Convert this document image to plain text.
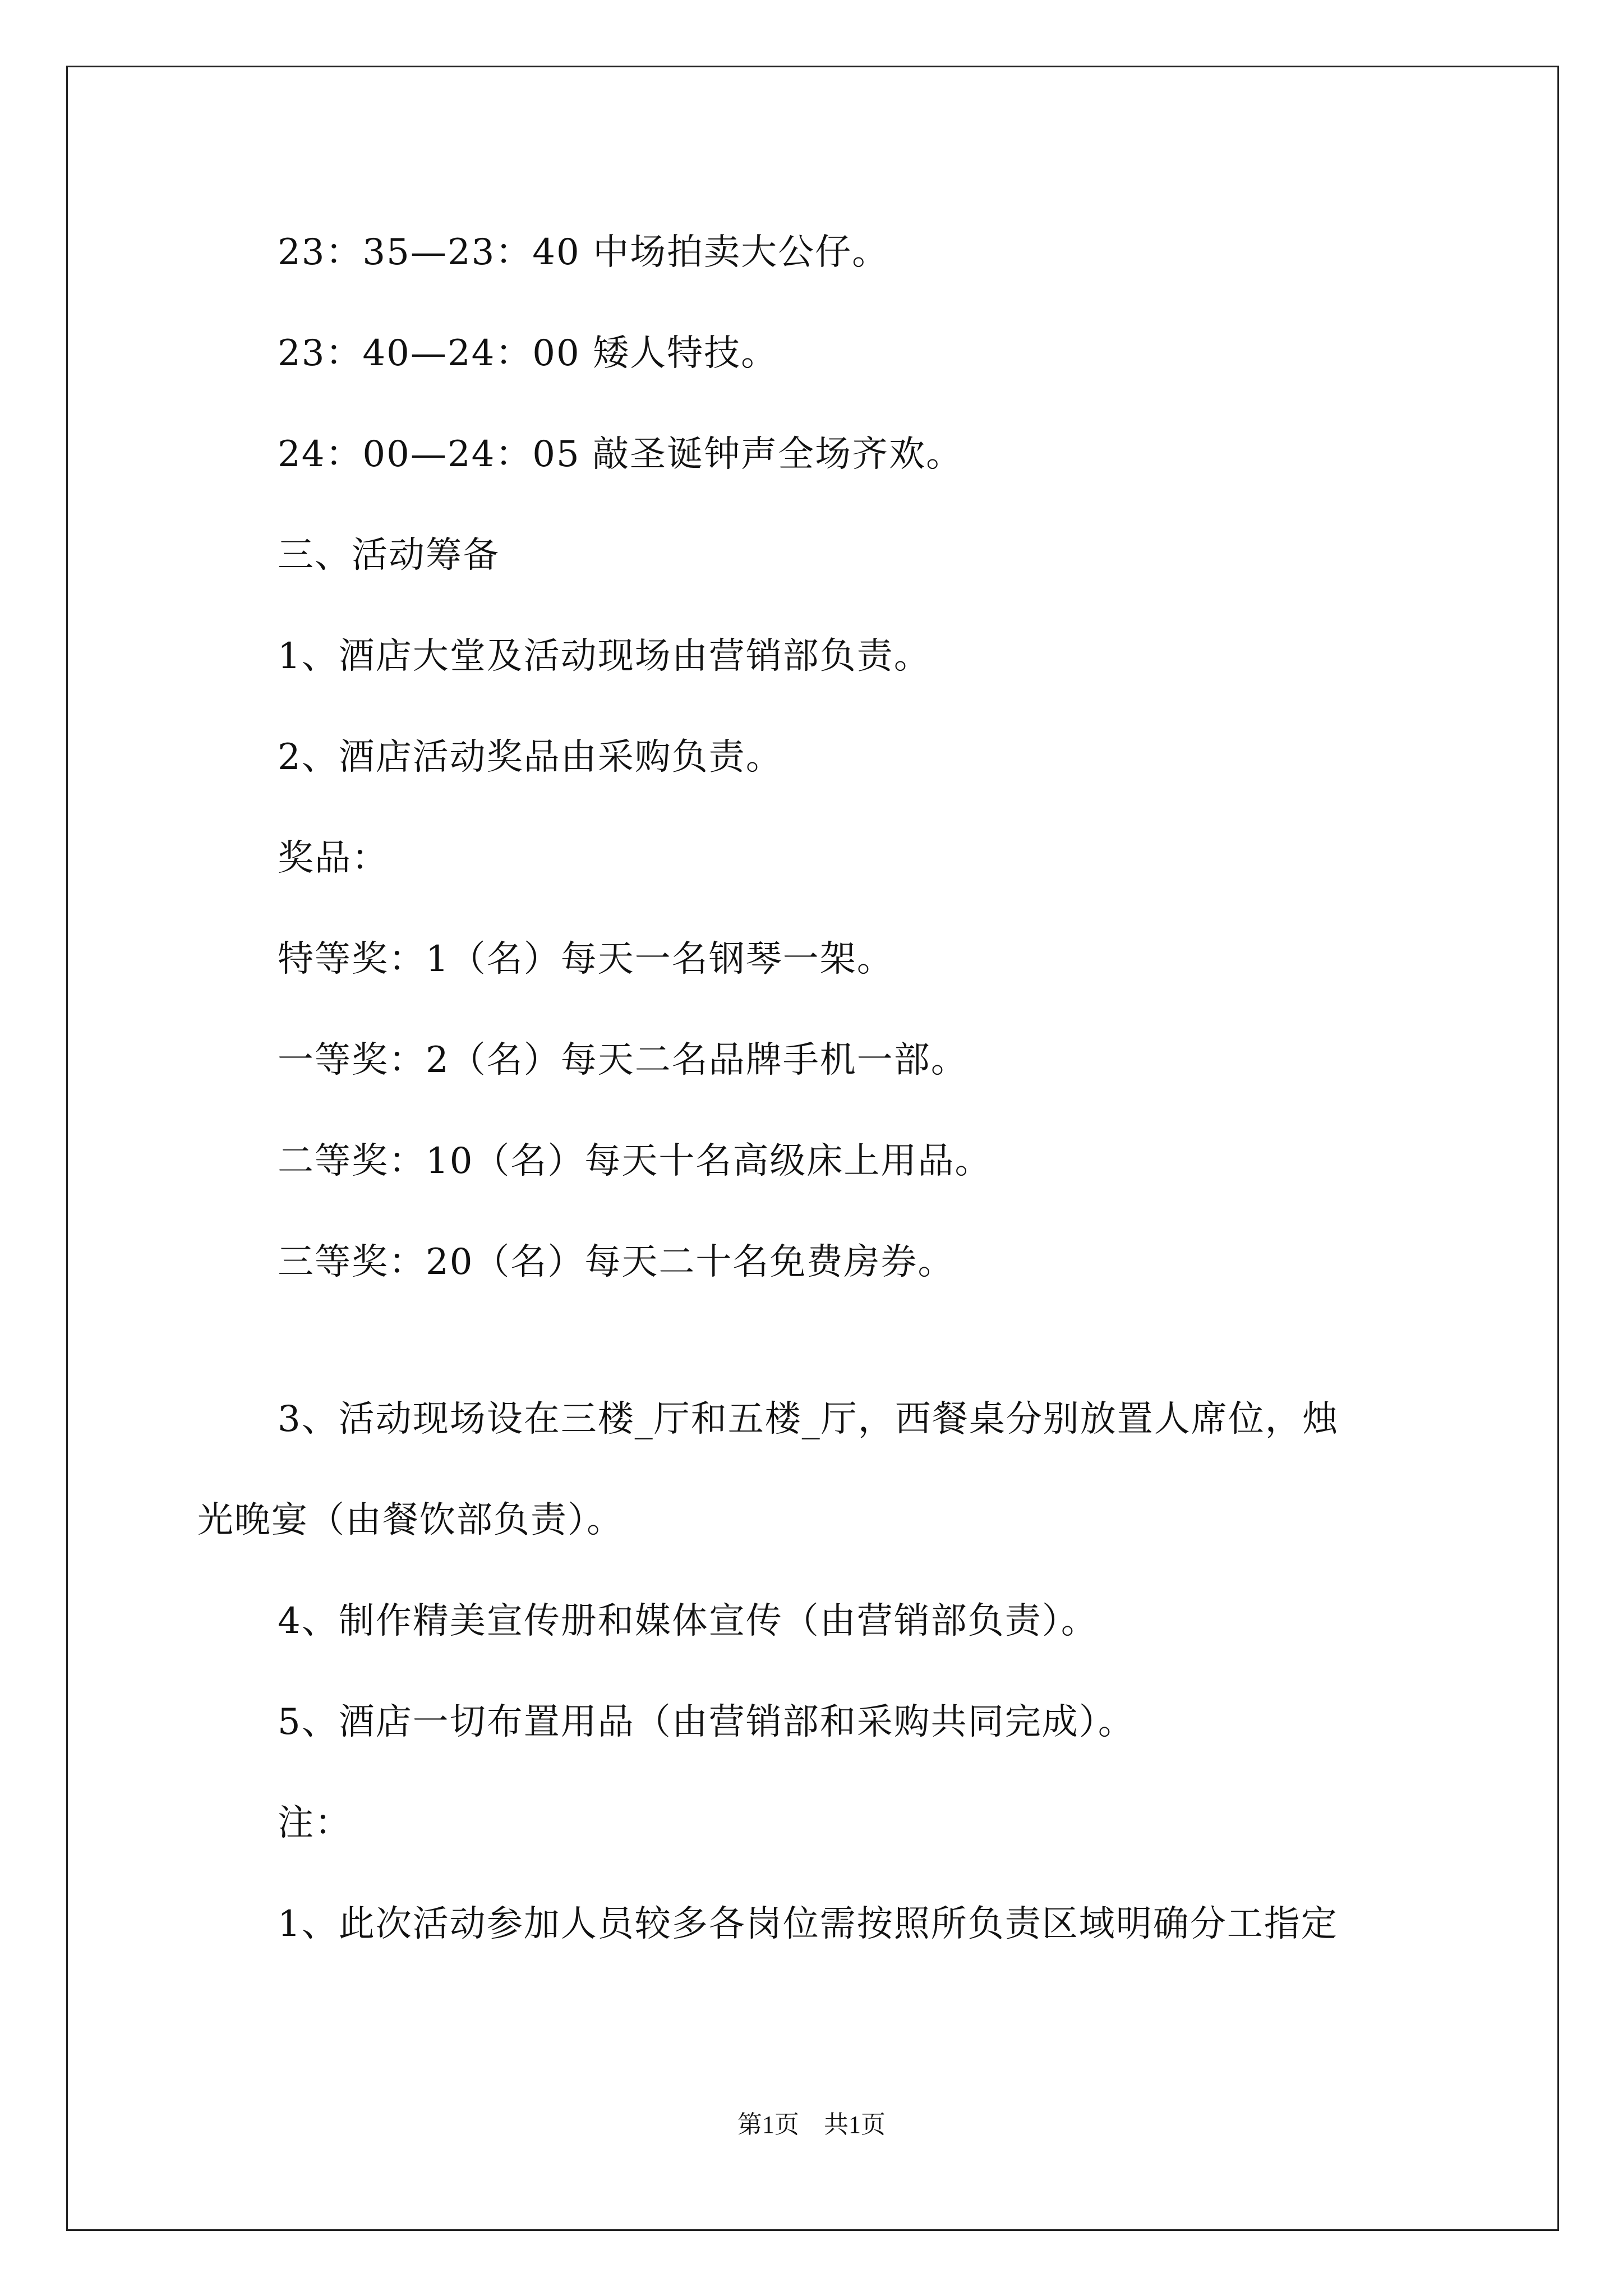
23：35—23：40 中场拍卖大公仔。
23：40—24：00 矮人特技。
24：00—24：05 敲圣诞钟声全场齐欢。
三、活动筹备
1、酒店大堂及活动现场由营销部负责。
2、酒店活动奖品由采购负责。
奖品：
特等奖：1（名）每天一名钢琴一架。
一等奖：2（名）每天二名品牌手机一部。
二等奖：10（名）每天十名高级床上用品。
三等奖：20（名）每天二十名免费房券。
3、活动现场设在三楼_厅和五楼_厅，西餐桌分别放置人席位，烛
光晚宴（由餐饮部负责）。
4、制作精美宣传册和媒体宣传（由营销部负责）。
5、酒店一切布置用品（由营销部和采购共同完成）。
注：
1、此次活动参加人员较多各岗位需按照所负责区域明确分工指定
第1页　共1页
